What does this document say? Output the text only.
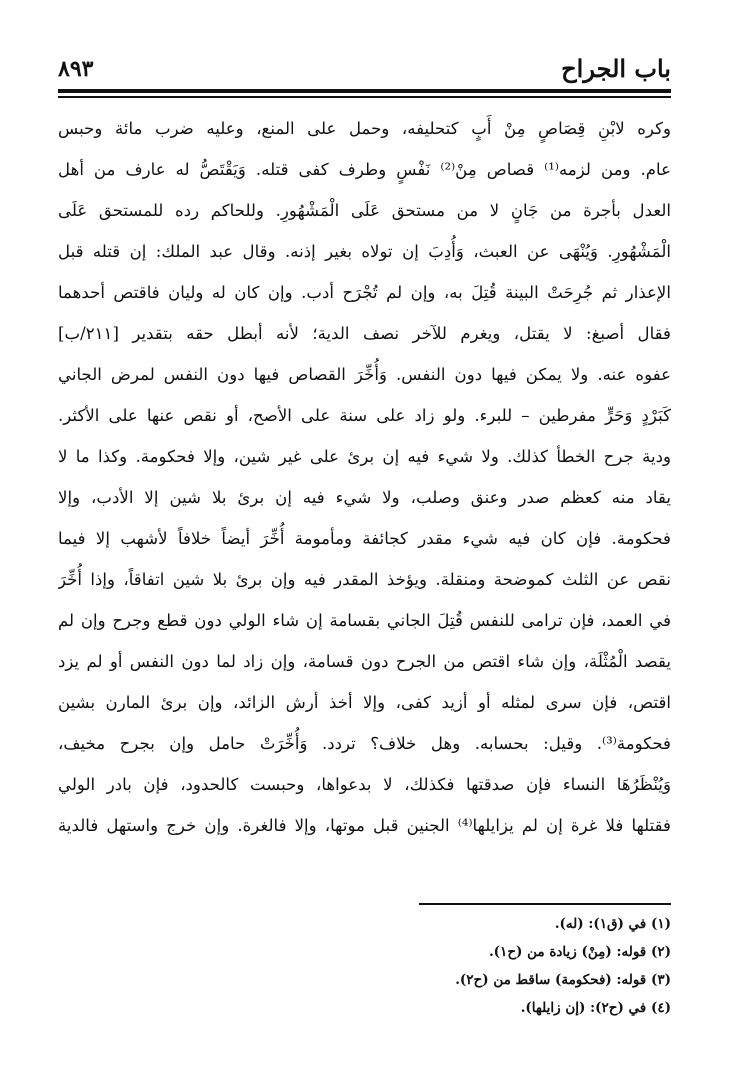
باب الجراح
٨٩٣
وكره لابْنِ قِصَاصٍ مِنْ أَبٍ كتحليفه، وحمل على المنع، وعليه ضرب مائة وحبس
عام. ومن لزمه⁽¹⁾ قصاص مِنْ⁽²⁾ نَفْسٍ وطرف كفى قتله. وَيَقْتَصُّ له عارف من أهل
العدل بأجرة من جَانٍ لا من مستحق عَلَى الْمَشْهُورِ. وللحاكم رده للمستحق عَلَى
الْمَشْهُورِ. وَيُنْهَى عن العبث، وَأُدِبَ إن تولاه بغير إذنه. وقال عبد الملك: إن قتله قبل
الإعذار ثم جُرِحَتْ البينة قُتِلَ به، وإن لم تُجْرَح أدب. وإن كان له وليان فاقتص أحدهما
فقال أصبغ: لا يقتل، ويغرم للآخر نصف الدية؛ لأنه أبطل حقه بتقدير [٢١١/ب]
عفوه عنه. ولا يمكن فيها دون النفس. وَأُخِّرَ القصاص فيها دون النفس لمرض الجاني
كَبَرْدٍ وَحَرٍّ مفرطين – للبرء. ولو زاد على سنة على الأصح، أو نقص عنها على الأكثر.
ودية جرح الخطأ كذلك. ولا شيء فيه إن برئ على غير شين، وإلا فحكومة. وكذا ما لا
يقاد منه كعظم صدر وعنق وصلب، ولا شيء فيه إن برئ بلا شين إلا الأدب، وإلا
فحكومة. فإن كان فيه شيء مقدر كجائفة ومأمومة أُخِّرَ أيضاً خلافاً لأشهب إلا فيما
نقص عن الثلث كموضحة ومنقلة. ويؤخذ المقدر فيه وإن برئ بلا شين اتفاقاً، وإذا أُخِّرَ
في العمد، فإن ترامى للنفس قُتِلَ الجاني بقسامة إن شاء الولي دون قطع وجرح وإن لم
يقصد الْمُثْلَة، وإن شاء اقتص من الجرح دون قسامة، وإن زاد لما دون النفس أو لم يزد
اقتص، فإن سرى لمثله أو أزيد كفى، وإلا أخذ أرش الزائد، وإن برئ المارن بشين
فحكومة⁽³⁾. وقيل: بحسابه. وهل خلاف؟ تردد. وَأُخِّرَتْ حامل وإن بجرح مخيف،
وَيُنْظَرُهَا النساء فإن صدقتها فكذلك، لا بدعواها، وحبست كالحدود، فإن بادر الولي
فقتلها فلا غرة إن لم يزايلها⁽⁴⁾ الجنين قبل موتها، وإلا فالغرة. وإن خرج واستهل فالدية
(١) في (ق١): (له).
(٢) قوله: (مِنْ) زيادة من (ح١).
(٣) قوله: (فحكومة) ساقط من (ح٢).
(٤) في (ح٢): (إن زايلها).
